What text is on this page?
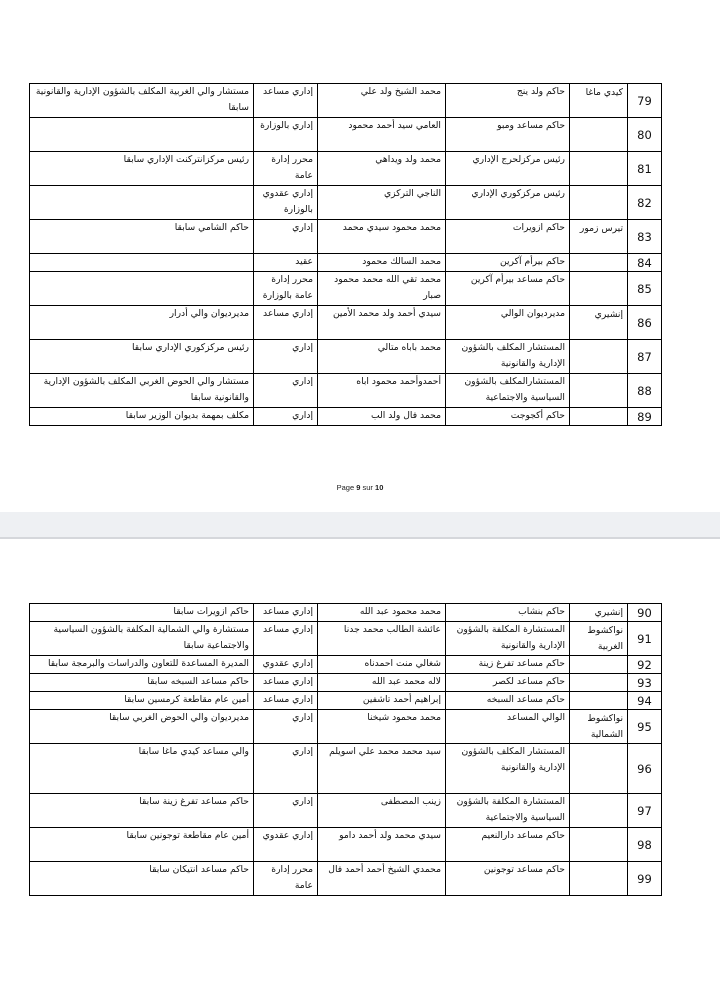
79	كيدي ماغا	حاكم ولد ينج	محمد الشيخ ولد علي	إداري مساعد	مستشار والي الغربية المكلف بالشؤون الإدارية والقانونية سابقا
80		حاكم مساعد ومبو	العامي سيد أحمد محمود	إداري بالوزارة	
81		رئيس مركزلحرج الإداري	محمد ولد ويداهي	محرر إدارة عامة	رئيس مركزانتركنت الإداري سابقا
82		رئيس مركزكوري الإداري	الناجي التركزي	إداري عقدوي بالوزارة	
83	تيرس زمور	حاكم ازويرات	محمد محمود سيدي محمد	إداري	حاكم الشامي سابقا
84		حاكم بيرأم آكرين	محمد السالك محمود	عقيد	
85		حاكم مساعد بيرأم آكرين	محمد تقي الله محمد محمود صبار	محرر إدارة عامة بالوزارة	
86	إنشيري	مديرديوان الوالي	سيدي أحمد ولد محمد الأمين	إداري مساعد	مديرديوان والي أدرار
87		المستشار المكلف بالشؤون الإدارية والقانونية	محمد باباه متالي	إداري	رئيس مركزكوري الإداري سابقا
88		المستشارالمكلف بالشؤون السياسية والاجتماعية	أحمدوأحمد محمود اباه	إداري	مستشار والي الحوض الغربي المكلف بالشؤون الإدارية والقانونية سابقا
89		حاكم أكجوجت	محمد فال ولد الب	إداري	مكلف بمهمة بديوان الوزير سابقا
Page 9 sur 10
90	إنشيري	حاكم بنشاب	محمد محمود عبد الله	إداري مساعد	حاكم ازويرات سابقا
91	نواكشوط الغربية	المستشارة المكلفة بالشؤون الإدارية والقانونية	عائشة الطالب محمد جدنا	إداري مساعد	مستشارة والي الشمالية المكلفة بالشؤون السياسية والاجتماعية سابقا
92		حاكم مساعد تفرغ زينة	شغالي منت احمدناه	إداري عقدوي	المديرة المساعدة للتعاون والدراسات والبرمجة سابقا
93		حاكم مساعد لكصر	لاله محمد عبد الله	إداري مساعد	حاكم مساعد السبخه سابقا
94		حاكم مساعد السبخه	إبراهيم أحمد تاشفين	إداري مساعد	أمين عام مقاطعة كرمسين سابقا
95	نواكشوط الشمالية	الوالي المساعد	محمد محمود شيخنا	إداري	مديرديوان والي الحوض الغربي سابقا
96		المستشار المكلف بالشؤون الإدارية والقانونية	سيد محمد محمد علي اسويلم	إداري	والي مساعد كيدي ماغا سابقا
97		المستشارة المكلفة بالشؤون السياسية والاجتماعية	زينب المصطفى	إداري	حاكم مساعد تفرغ زينة سابقا
98		حاكم مساعد دارالنعيم	سيدي محمد ولد أحمد دامو	إداري عقدوي	أمين عام مقاطعة توجونين سابقا
99		حاكم مساعد توجونين	محمدي الشيخ أحمد أحمد فال	محرر إدارة عامة	حاكم مساعد انتيكان سابقا
